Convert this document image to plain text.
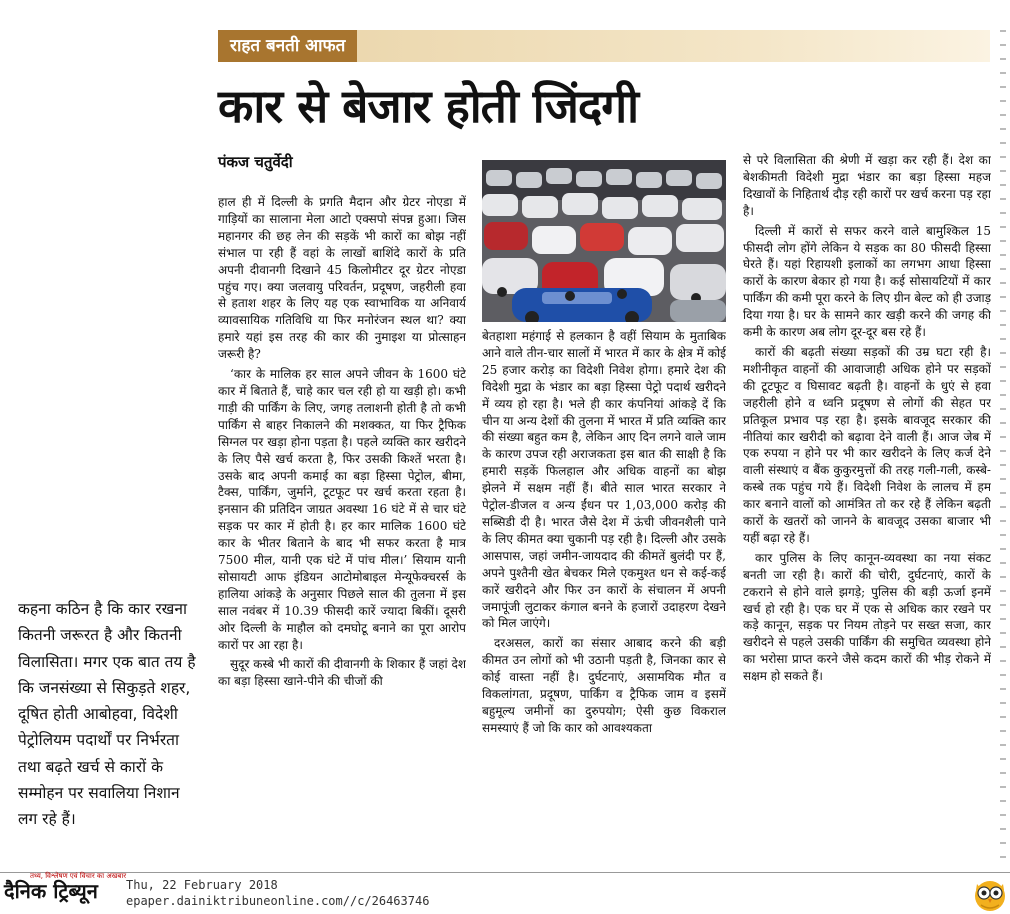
राहत बनती आफत
कार से बेजार होती जिंदगी
पंकज चतुर्वेदी

हाल ही में दिल्ली के प्रगति मैदान और ग्रेटर नोएडा में गाड़ियों का सालाना मेला आटो एक्सपो संपन्न हुआ। जिस महानगर की छह लेन की सड़कें भी कारों का बोझ नहीं संभाल पा रही हैं वहां के लाखों बाशिंदे कारों के प्रति अपनी दीवानगी दिखाने 45 किलोमीटर दूर ग्रेटर नोएडा पहुंच गए। क्या जलवायु परिवर्तन, प्रदूषण, जहरीली हवा से हताश शहर के लिए यह एक स्वाभाविक या अनिवार्य व्यावसायिक गतिविधि या फिर मनोरंजन स्थल था? क्या हमारे यहां इस तरह की कार की नुमाइश या प्रोत्साहन जरूरी है?

‘कार के मालिक हर साल अपने जीवन के 1600 घंटे कार में बिताते हैं, चाहे कार चल रही हो या खड़ी हो। कभी गाड़ी की पार्किंग के लिए, जगह तलाशनी होती है तो कभी पार्किंग से बाहर निकालने की मशक्कत, या फिर ट्रैफिक सिग्नल पर खड़ा होना पड़ता है। पहले व्यक्ति कार खरीदने के लिए पैसे खर्च करता है, फिर उसकी किश्तें भरता है। उसके बाद अपनी कमाई का बड़ा हिस्सा पेट्रोल, बीमा, टैक्स, पार्किंग, जुर्माने, टूटफूट पर खर्च करता रहता है। इनसान की प्रतिदिन जाग्रत अवस्था 16 घंटे में से चार घंटे सड़क पर कार में होती है। हर कार मालिक 1600 घंटे कार के भीतर बिताने के बाद भी सफर करता है मात्र 7500 मील, यानी एक घंटे में पांच मील।’ सियाम यानी सोसायटी आफ इंडियन आटोमोबाइल मेन्यूफेक्चरर्स के हालिया आंकड़े के अनुसार पिछले साल की तुलना में इस साल नवंबर में 10.39 फीसदी कारें ज्यादा बिकीं। दूसरी ओर दिल्ली के माहौल को दमघोटू बनाने का पूरा आरोप कारों पर आ रहा है।

सुदूर कस्बे भी कारों की दीवानगी के शिकार हैं जहां देश का बड़ा हिस्सा खाने-पीने की चीजों की

बेतहाशा महंगाई से हलकान है वहीं सियाम के मुताबिक आने वाले तीन-चार सालों में भारत में कार के क्षेत्र में कोई 25 हजार करोड़ का विदेशी निवेश होगा। हमारे देश की विदेशी मुद्रा के भंडार का बड़ा हिस्सा पेट्रो पदार्थ खरीदने में व्यय हो रहा है। भले ही कार कंपनियां आंकड़े दें कि चीन या अन्य देशों की तुलना में भारत में प्रति व्यक्ति कार की संख्या बहुत कम है, लेकिन आए दिन लगने वाले जाम के कारण उपज रही अराजकता इस बात की साक्षी है कि हमारी सड़कें फिलहाल और अधिक वाहनों का बोझ झेलने में सक्षम नहीं हैं। बीते साल भारत सरकार ने पेट्रोल-डीजल व अन्य ईंधन पर 1,03,000 करोड़ की सब्सिडी दी है। भारत जैसे देश में ऊंची जीवनशैली पाने के लिए कीमत क्या चुकानी पड़ रही है। दिल्ली और उसके आसपास, जहां जमीन-जायदाद की कीमतें बुलंदी पर हैं, अपने पुश्तैनी खेत बेचकर मिले एकमुश्त धन से कई-कई कारें खरीदने और फिर उन कारों के संचालन में अपनी जमापूंजी लुटाकर कंगाल बनने के हजारों उदाहरण देखने को मिल जाएंगे।

दरअसल, कारों का संसार आबाद करने की बड़ी कीमत उन लोगों को भी उठानी पड़ती है, जिनका कार से कोई वास्ता नहीं है। दुर्घटनाएं, असामयिक मौत व विकलांगता, प्रदूषण, पार्किंग व ट्रैफिक जाम व इसमें बहुमूल्य जमीनों का दुरुपयोग; ऐसी कुछ विकराल समस्याएं हैं जो कि कार को आवश्यकता

से परे विलासिता की श्रेणी में खड़ा कर रही हैं। देश का बेशकीमती विदेशी मुद्रा भंडार का बड़ा हिस्सा महज दिखावों के निहितार्थ दौड़ रही कारों पर खर्च करना पड़ रहा है।

दिल्ली में कारों से सफर करने वाले बामुश्किल 15 फीसदी लोग होंगे लेकिन ये सड़क का 80 फीसदी हिस्सा घेरते हैं। यहां रिहायशी इलाकों का लगभग आधा हिस्सा कारों के कारण बेकार हो गया है। कई सोसायटियों में कार पार्किंग की कमी पूरा करने के लिए ग्रीन बेल्ट को ही उजाड़ दिया गया है। घर के सामने कार खड़ी करने की जगह की कमी के कारण अब लोग दूर-दूर बस रहे हैं।

कारों की बढ़ती संख्या सड़कों की उम्र घटा रही है। मशीनीकृत वाहनों की आवाजाही अधिक होने पर सड़कों की टूटफूट व घिसावट बढ़ती है। वाहनों के धुएं से हवा जहरीली होने व ध्वनि प्रदूषण से लोगों की सेहत पर प्रतिकूल प्रभाव पड़ रहा है। इसके बावजूद सरकार की नीतियां कार खरीदी को बढ़ावा देने वाली हैं। आज जेब में एक रुपया न होने पर भी कार खरीदने के लिए कर्ज देने वाली संस्थाएं व बैंक कुकुरमुत्तों की तरह गली-गली, कस्बे-कस्बे तक पहुंच गये हैं। विदेशी निवेश के लालच में हम कार बनाने वालों को आमंत्रित तो कर रहे हैं लेकिन बढ़ती कारों के खतरों को जानने के बावजूद उसका बाजार भी यहीं बढ़ा रहे हैं।

कार पुलिस के लिए कानून-व्यवस्था का नया संकट बनती जा रही है। कारों की चोरी, दुर्घटनाएं, कारों के टकराने से होने वाले झगड़े; पुलिस की बड़ी ऊर्जा इनमें खर्च हो रही है। एक घर में एक से अधिक कार रखने पर कड़े कानून, सड़क पर नियम तोड़ने पर सख्त सजा, कार खरीदने से पहले उसकी पार्किंग की समुचित व्यवस्था होने का भरोसा प्राप्त करने जैसे कदम कारों की भीड़ रोकने में सक्षम हो सकते हैं।

कहना कठिन है कि कार रखना कितनी जरूरत है और कितनी विलासिता। मगर एक बात तय है कि जनसंख्या से सिकुड़ते शहर, दूषित होती आबोहवा, विदेशी पेट्रोलियम पदार्थों पर निर्भरता तथा बढ़ते खर्च से कारों के सम्मोहन पर सवालिया निशान लग रहे हैं।
दैनिक ट्रिब्यून
तथ्य, विश्लेषण एवं विचार का अखबार
Thu, 22 February 2018
epaper.dainiktribuneonline.com//c/26463746
